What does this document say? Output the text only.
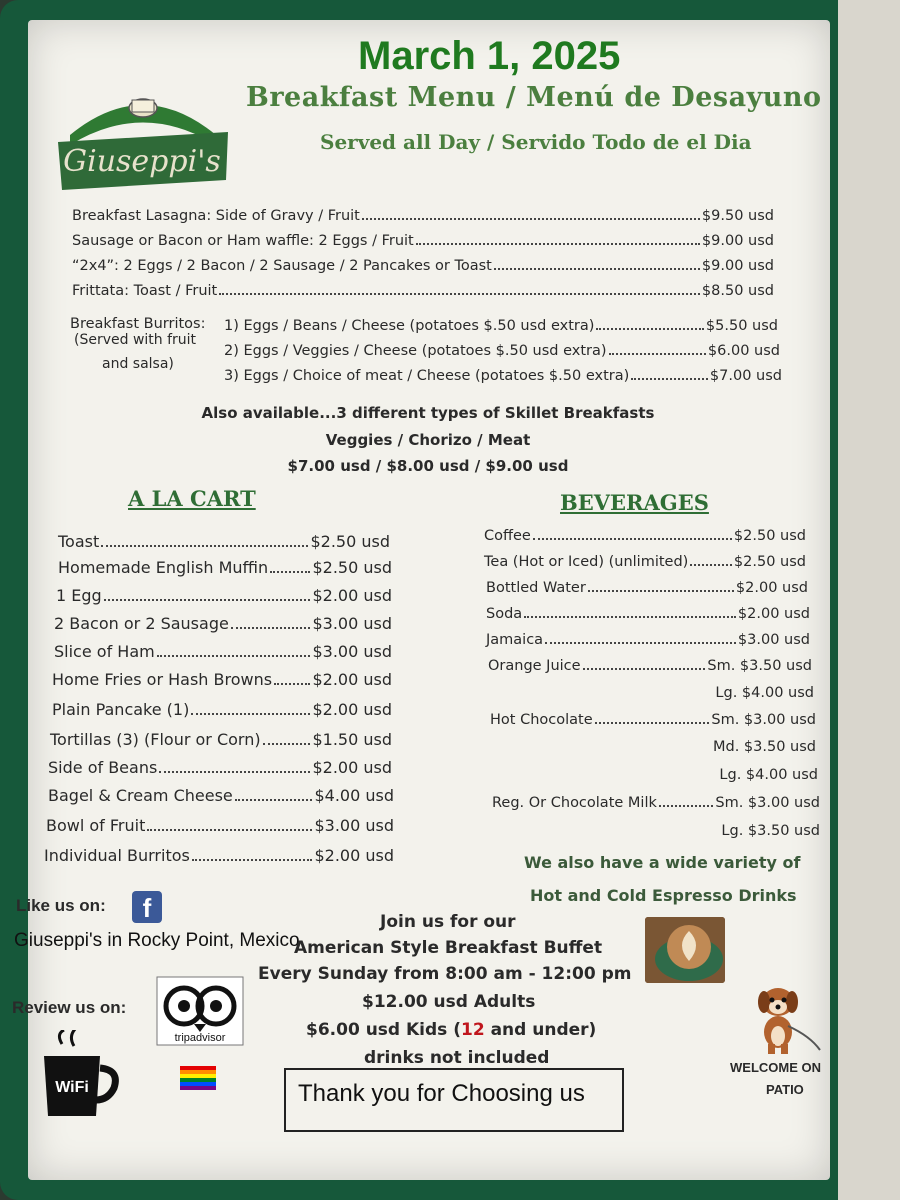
March 1, 2025
Breakfast Menu / Menú de Desayuno
Served all Day / Servido Todo de el Dia
Giuseppi's
Breakfast Lasagna: Side of Gravy / Fruit	$9.50 usd
Sausage or Bacon or Ham waffle: 2 Eggs / Fruit	$9.00 usd
“2x4”: 2 Eggs / 2 Bacon / 2 Sausage / 2 Pancakes or Toast	$9.00 usd
Frittata: Toast / Fruit	$8.50 usd
Breakfast Burritos:
(Served with fruit
and salsa)
1) Eggs / Beans / Cheese (potatoes $.50 usd extra)	$5.50 usd
2) Eggs / Veggies / Cheese (potatoes $.50 usd extra)	$6.00 usd
3) Eggs / Choice of meat / Cheese (potatoes $.50 extra)	$7.00 usd
Also available...3 different types of Skillet Breakfasts
Veggies / Chorizo / Meat
$7.00 usd / $8.00 usd / $9.00 usd
A LA CART
Toast	$2.50 usd
Homemade English Muffin	$2.50 usd
1 Egg	$2.00 usd
2 Bacon or 2 Sausage	$3.00 usd
Slice of Ham	$3.00 usd
Home Fries or Hash Browns	$2.00 usd
Plain Pancake (1)	$2.00 usd
Tortillas (3) (Flour or Corn)	$1.50 usd
Side of Beans	$2.00 usd
Bagel & Cream Cheese	$4.00 usd
Bowl of Fruit	$3.00 usd
Individual Burritos	$2.00 usd
BEVERAGES
Coffee	$2.50 usd
Tea (Hot or Iced) (unlimited)	$2.50 usd
Bottled Water	$2.00 usd
Soda	$2.00 usd
Jamaica	$3.00 usd
Orange Juice	Sm. $3.50 usd
Lg. $4.00 usd
Hot Chocolate	Sm. $3.00 usd
Md. $3.50 usd
Lg. $4.00 usd
Reg. Or Chocolate Milk	Sm. $3.00 usd
Lg. $3.50 usd
We also have a wide variety of
Hot and Cold Espresso Drinks
Like us on:	f
Giuseppi's in Rocky Point, Mexico
Review us on:
tripadvisor
WiFi
Join us for our
American Style Breakfast Buffet
Every Sunday from 8:00 am - 12:00 pm
$12.00 usd Adults
$6.00 usd Kids (12 and under)
drinks not included
Thank you for Choosing us
WELCOME ON
PATIO
